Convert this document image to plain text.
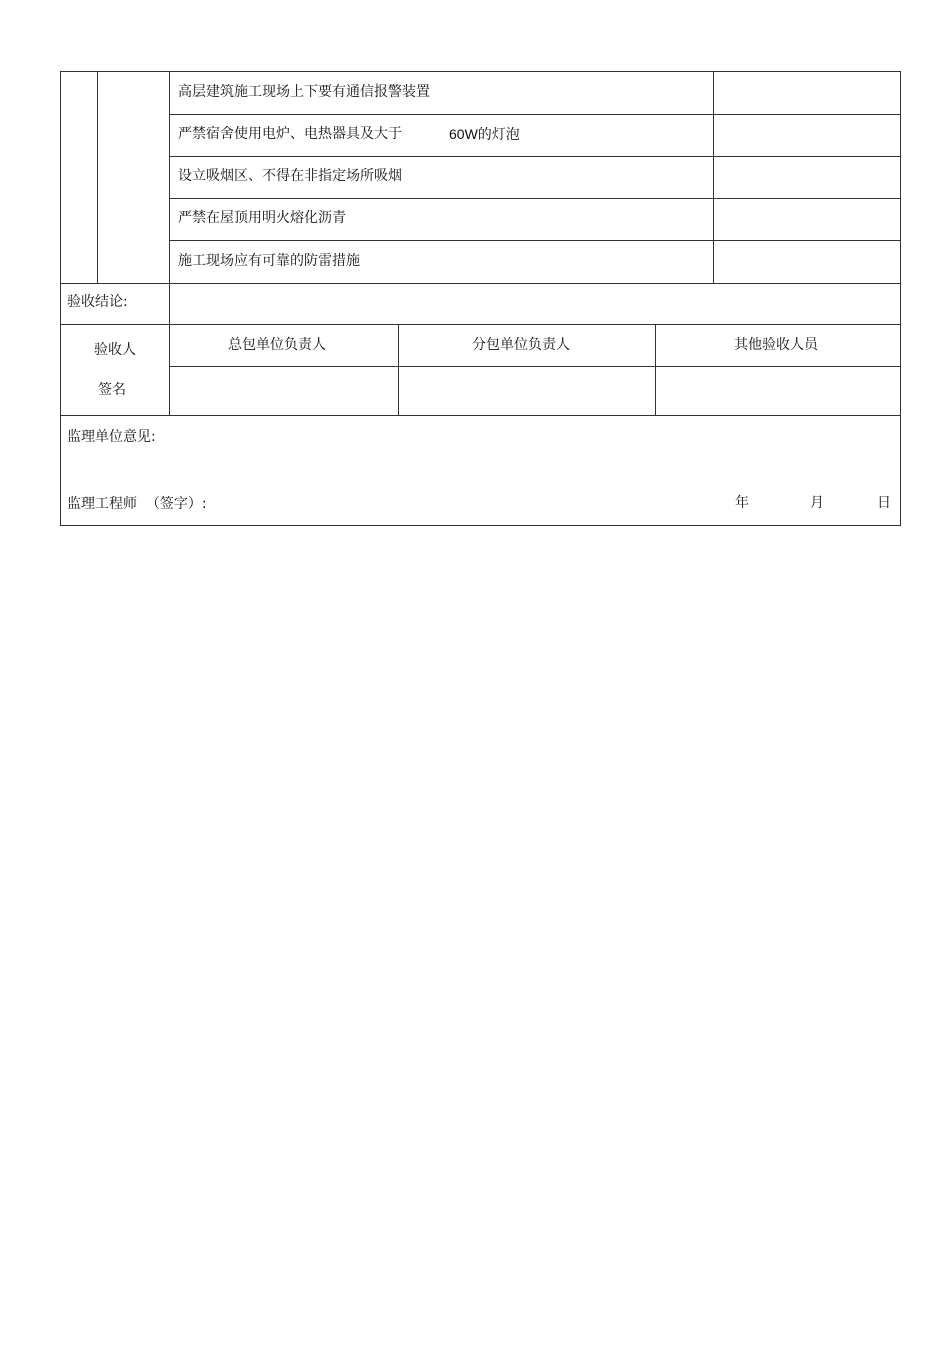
高层建筑施工现场上下要有通信报警装置
严禁宿舍使用电炉、电热器具及大于	60W的灯泡
设立吸烟区、不得在非指定场所吸烟
严禁在屋顶用明火熔化沥青
施工现场应有可靠的防雷措施
验收结论:
验收人
签名
总包单位负责人	分包单位负责人	其他验收人员
监理单位意见:
监理工程师  （签字）:	年	月	日
